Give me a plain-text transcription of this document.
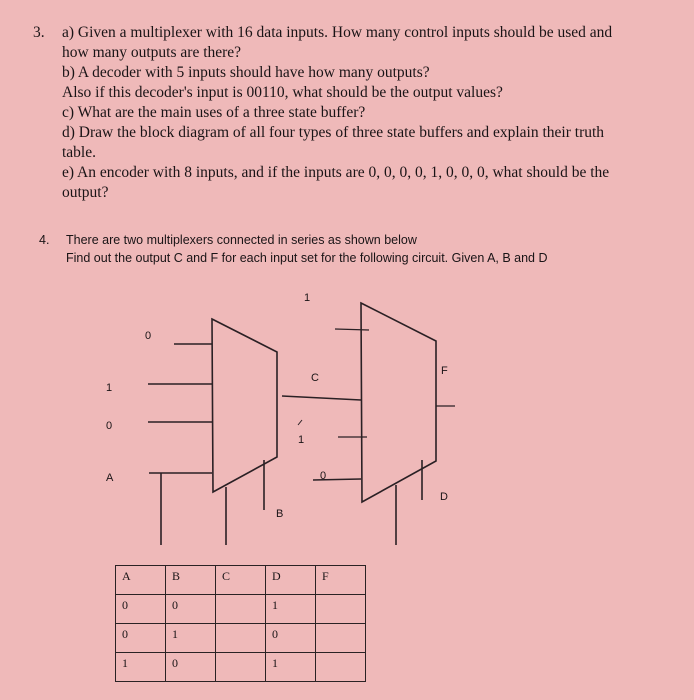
3. a) Given a multiplexer with 16 data inputs. How many control inputs should be used and
how many outputs are there?
b) A decoder with 5 inputs should have how many outputs?
Also if this decoder's input is 00110, what should be the output values?
c) What are the main uses of a three state buffer?
d) Draw the block diagram of all four types of three state buffers and explain their truth
table.
e) An encoder with 8 inputs, and if the inputs are 0, 0, 0, 0, 1, 0, 0, 0, what should be the
output?
4. There are two multiplexers connected in series as shown below
Find out the output C and F for each input set for the following circuit. Given A, B and D
0
1
0
A
B
C
1
1
0
D
F
A	B	C	D	F
0	0		1	
0	1		0	
1	0		1	
